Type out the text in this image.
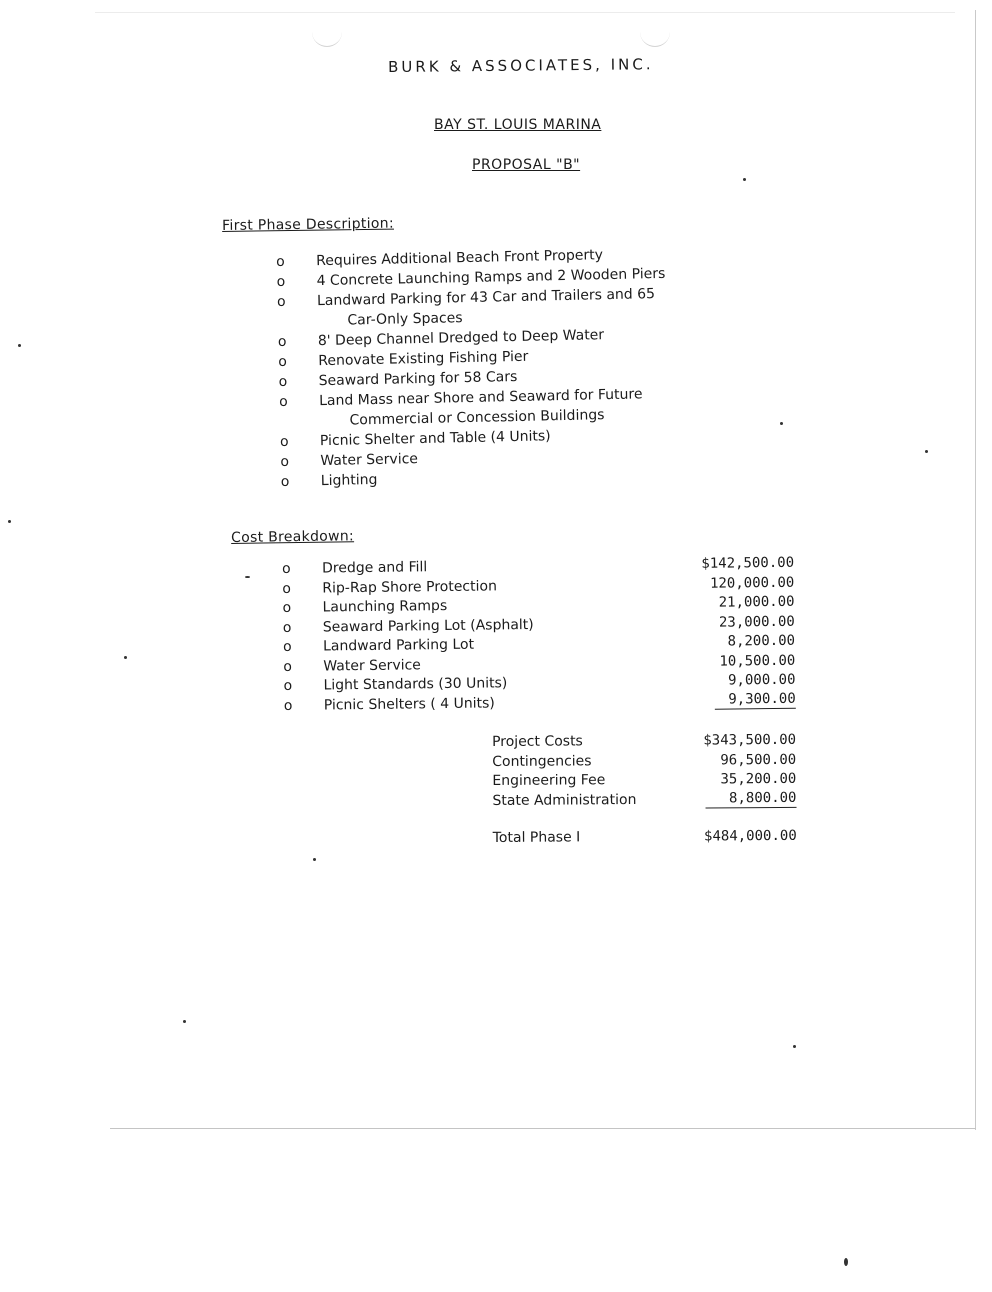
BURK & ASSOCIATES, INC.
BAY ST. LOUIS MARINA
PROPOSAL "B"
First Phase Description:
o Requires Additional Beach Front Property
o 4 Concrete Launching Ramps and 2 Wooden Piers
o Landward Parking for 43 Car and Trailers and 65
Car-Only Spaces
o 8' Deep Channel Dredged to Deep Water
o Renovate Existing Fishing Pier
o Seaward Parking for 58 Cars
o Land Mass near Shore and Seaward for Future
Commercial or Concession Buildings
o Picnic Shelter and Table (4 Units)
o Water Service
o Lighting
Cost Breakdown:
o Dredge and Fill	$142,500.00
o Rip-Rap Shore Protection	120,000.00
o Launching Ramps	21,000.00
o Seaward Parking Lot (Asphalt)	23,000.00
o Landward Parking Lot	8,200.00
o Water Service	10,500.00
o Light Standards (30 Units)	9,000.00
o Picnic Shelters ( 4 Units)	9,300.00
Project Costs	$343,500.00
Contingencies	96,500.00
Engineering Fee	35,200.00
State Administration	8,800.00
Total Phase I	$484,000.00
